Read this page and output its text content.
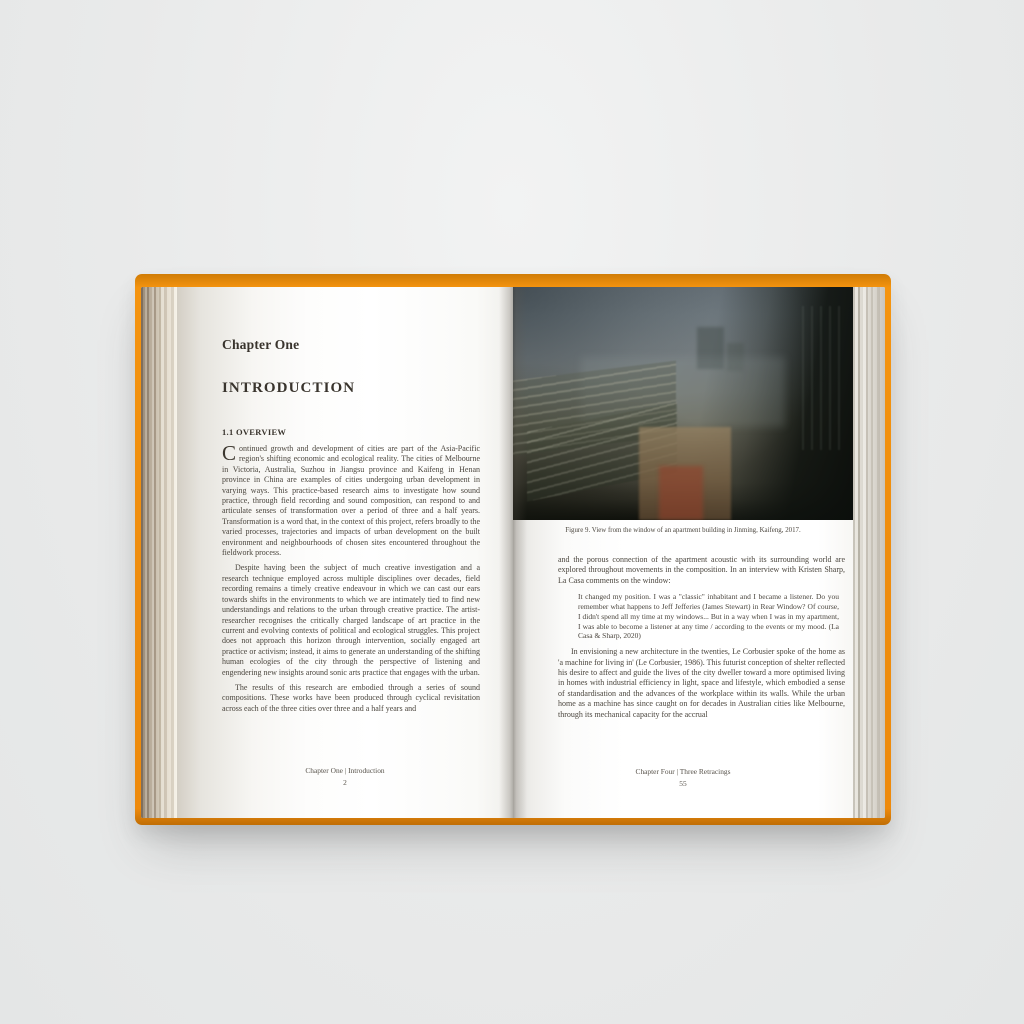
Chapter One
INTRODUCTION
1.1 OVERVIEW

Continued growth and development of cities are part of the Asia-Pacific region's shifting economic and ecological reality. The cities of Melbourne in Victoria, Australia, Suzhou in Jiangsu province and Kaifeng in Henan province in China are examples of cities undergoing urban development in varying ways. This practice-based research aims to investigate how sound practice, through field recording and sound composition, can respond to and articulate senses of transformation over a period of three and a half years. Transformation is a word that, in the context of this project, refers broadly to the varied processes, trajectories and impacts of urban development on the built environment and neighbourhoods of chosen sites encountered throughout the fieldwork process.

Despite having been the subject of much creative investigation and a research technique employed across multiple disciplines over decades, field recording remains a timely creative endeavour in which we can cast our ears towards shifts in the environments to which we are intimately tied to find new understandings and relations to the urban through creative practice. The artist-researcher recognises the critically charged landscape of art practice in the current and evolving contexts of political and ecological struggles. This project does not approach this horizon through intervention, socially engaged art practice or activism; instead, it aims to generate an understanding of the shifting human ecologies of the city through the perspective of listening and engendering new insights around sonic arts practice that engages with the urban.

The results of this research are embodied through a series of sound compositions. These works have been produced through cyclical revisitation across each of the three cities over three and a half years and

Chapter One | Introduction
2
Figure 9. View from the window of an apartment building in Jinming, Kaifeng, 2017.

and the porous connection of the apartment acoustic with its surrounding world are explored throughout movements in the composition. In an interview with Kristen Sharp, La Casa comments on the window:

It changed my position. I was a "classic" inhabitant and I became a listener. Do you remember what happens to Jeff Jefferies (James Stewart) in Rear Window? Of course, I didn't spend all my time at my windows... But in a way when I was in my apartment, I was able to become a listener at any time / according to the events or my mood. (La Casa & Sharp, 2020)

In envisioning a new architecture in the twenties, Le Corbusier spoke of the home as 'a machine for living in' (Le Corbusier, 1986). This futurist conception of shelter reflected his desire to affect and guide the lives of the city dweller toward a more optimised living in homes with industrial efficiency in light, space and lifestyle, which embodied a sense of standardisation and the advances of the workplace within its walls. While the urban home as a machine has since caught on for decades in Australian cities like Melbourne, through its mechanical capacity for the accrual

Chapter Four | Three Retracings
55
